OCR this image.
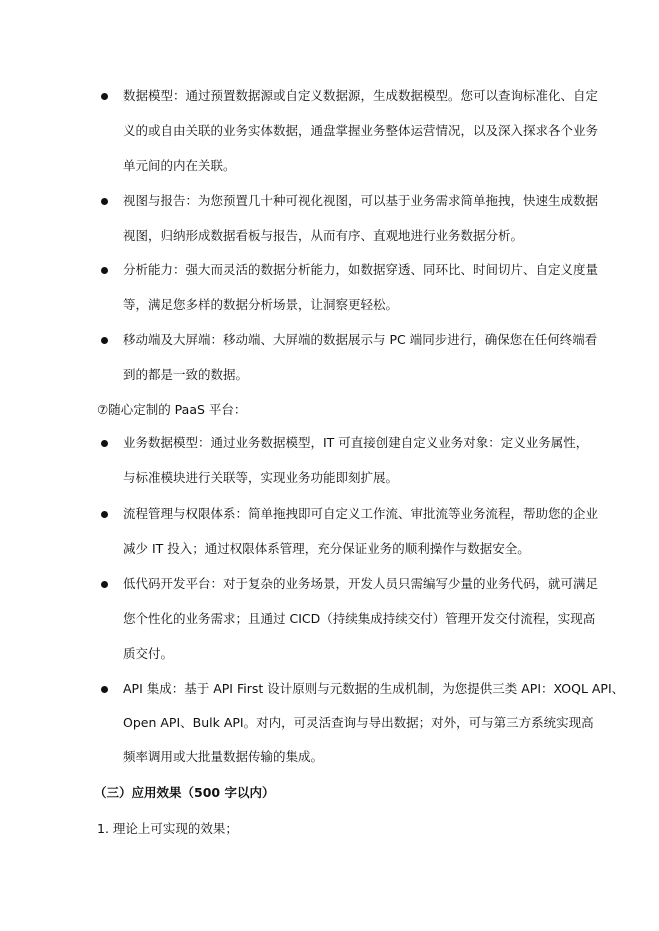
数据模型：通过预置数据源或自定义数据源，生成数据模型。您可以查询标准化、自定
义的或自由关联的业务实体数据，通盘掌握业务整体运营情况，以及深入探求各个业务
单元间的内在关联。
视图与报告：为您预置几十种可视化视图，可以基于业务需求简单拖拽，快速生成数据
视图，归纳形成数据看板与报告，从而有序、直观地进行业务数据分析。
分析能力：强大而灵活的数据分析能力，如数据穿透、同环比、时间切片、自定义度量
等，满足您多样的数据分析场景，让洞察更轻松。
移动端及大屏端：移动端、大屏端的数据展示与 PC 端同步进行，确保您在任何终端看
到的都是一致的数据。
⑦随心定制的 PaaS 平台：
业务数据模型：通过业务数据模型，IT 可直接创建自定义业务对象：定义业务属性，
与标准模块进行关联等，实现业务功能即刻扩展。
流程管理与权限体系：简单拖拽即可自定义工作流、审批流等业务流程，帮助您的企业
减少 IT 投入；通过权限体系管理，充分保证业务的顺利操作与数据安全。
低代码开发平台：对于复杂的业务场景，开发人员只需编写少量的业务代码，就可满足
您个性化的业务需求；且通过 CICD（持续集成持续交付）管理开发交付流程，实现高
质交付。
API 集成：基于 API First 设计原则与元数据的生成机制，为您提供三类 API：XOQL API、
Open API、Bulk API。对内，可灵活查询与导出数据；对外，可与第三方系统实现高
频率调用或大批量数据传输的集成。
（三）应用效果（500 字以内）
1. 理论上可实现的效果；
